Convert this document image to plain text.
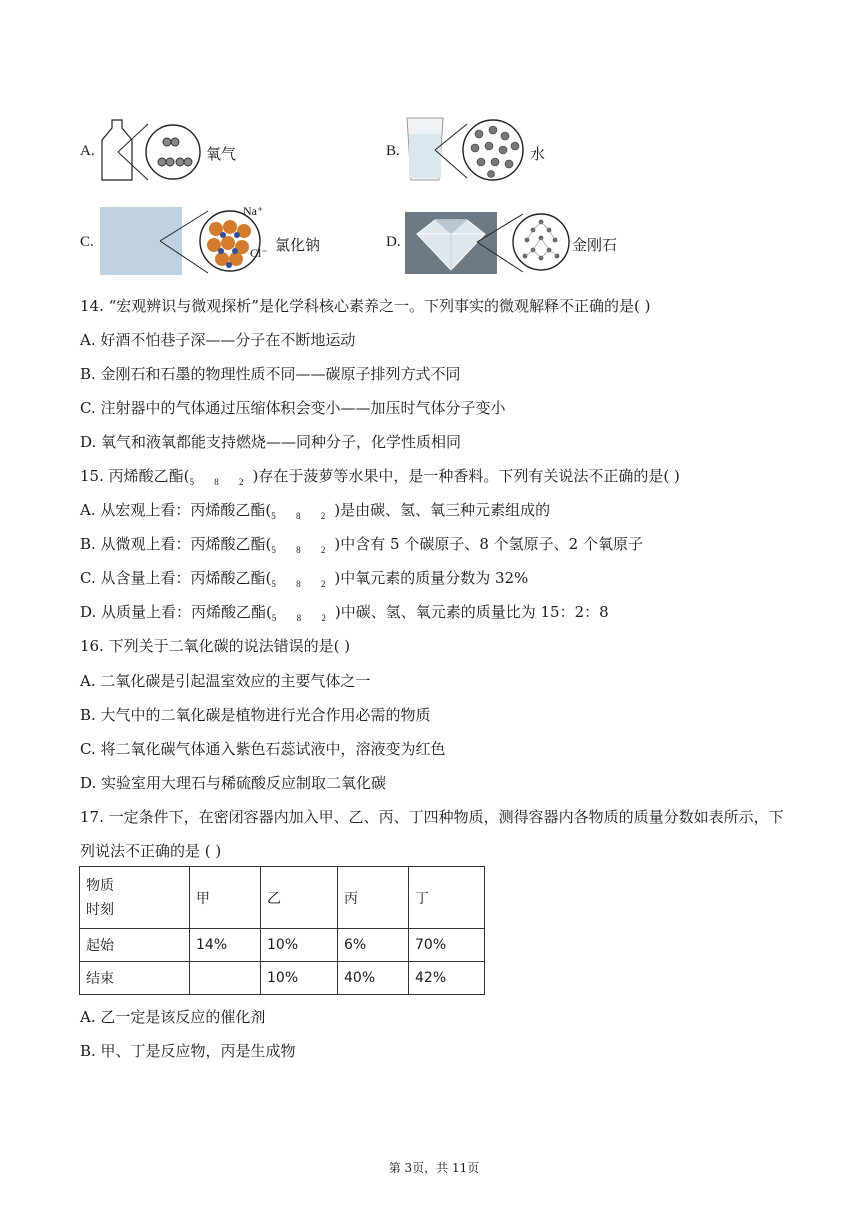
A.	氧气	B.	水
C.
Na⁺
Cl⁻ 氯化钠	D.	金刚石
14. “宏观辨识与微观探析”是化学科核心素养之一。下列事实的微观解释不正确的是( )
A. 好酒不怕巷子深——分子在不断地运动
B. 金刚石和石墨的物理性质不同——碳原子排列方式不同
C. 注射器中的气体通过压缩体积会变小——加压时气体分子变小
D. 氧气和液氧都能支持燃烧——同种分子，化学性质相同
15. 丙烯酸乙酯(5 8 2)存在于菠萝等水果中，是一种香料。下列有关说法不正确的是( )
A. 从宏观上看：丙烯酸乙酯(5 8 2)是由碳、氢、氧三种元素组成的
B. 从微观上看：丙烯酸乙酯(5 8 2)中含有 5 个碳原子、8 个氢原子、2 个氧原子
C. 从含量上看：丙烯酸乙酯(5 8 2)中氧元素的质量分数为 32%
D. 从质量上看：丙烯酸乙酯(5 8 2)中碳、氢、氧元素的质量比为 15：2：8
16. 下列关于二氧化碳的说法错误的是( )
A. 二氧化碳是引起温室效应的主要气体之一
B. 大气中的二氧化碳是植物进行光合作用必需的物质
C. 将二氧化碳气体通入紫色石蕊试液中，溶液变为红色
D. 实验室用大理石与稀硫酸反应制取二氧化碳
17. 一定条件下，在密闭容器内加入甲、乙、丙、丁四种物质，测得容器内各物质的质量分数如表所示，下
列说法不正确的是 ( )
物质
时刻	甲	乙	丙	丁
起始	14%	10%	6%	70%
结束		10%	40%	42%
A. 乙一定是该反应的催化剂
B. 甲、丁是反应物，丙是生成物
第 3页，共 11页
